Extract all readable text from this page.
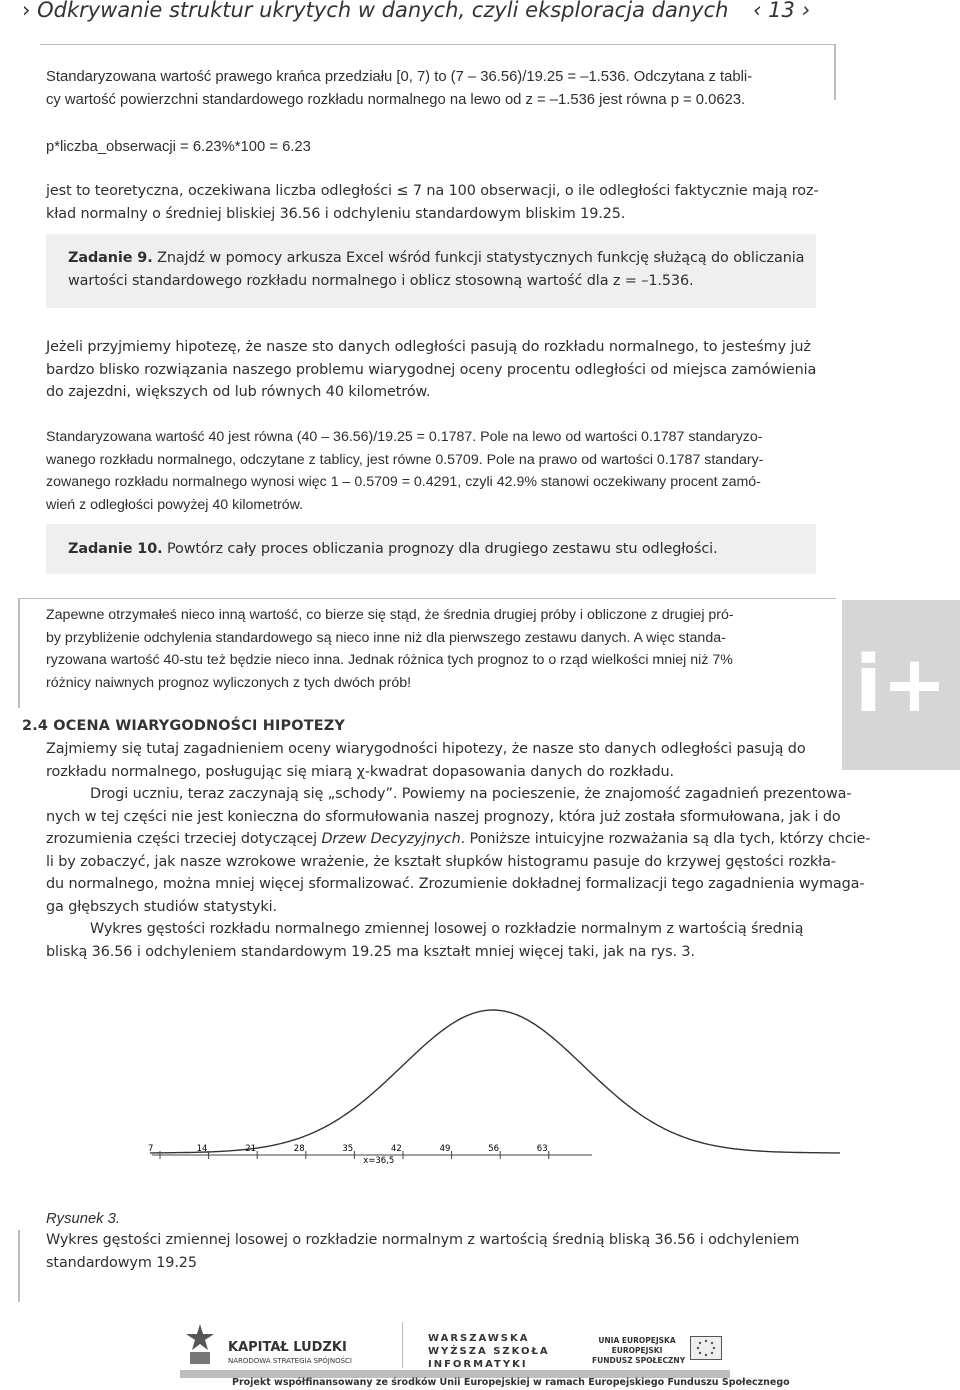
› Odkrywanie struktur ukrytych w danych, czyli eksploracja danych ‹ 13 ›
Standaryzowana wartość prawego krańca przedziału [0, 7) to (7 – 36.56)/19.25 = –1.536. Odczytana z tabli-
cy wartość powierzchni standardowego rozkładu normalnego na lewo od z = –1.536 jest równa p = 0.0623.
p*liczba_obserwacji = 6.23%*100 = 6.23
jest to teoretyczna, oczekiwana liczba odległości ≤ 7 na 100 obserwacji, o ile odległości faktycznie mają roz-
kład normalny o średniej bliskiej 36.56 i odchyleniu standardowym bliskim 19.25.
Zadanie 9. Znajdź w pomocy arkusza Excel wśród funkcji statystycznych funkcję służącą do obliczania
wartości standardowego rozkładu normalnego i oblicz stosowną wartość dla z = –1.536.
Jeżeli przyjmiemy hipotezę, że nasze sto danych odległości pasują do rozkładu normalnego, to jesteśmy już
bardzo blisko rozwiązania naszego problemu wiarygodnej oceny procentu odległości od miejsca zamówienia
do zajezdni, większych od lub równych 40 kilometrów.
Standaryzowana wartość 40 jest równa (40 – 36.56)/19.25 = 0.1787. Pole na lewo od wartości 0.1787 standaryzo-
wanego rozkładu normalnego, odczytane z tablicy, jest równe 0.5709. Pole na prawo od wartości 0.1787 standary-
zowanego rozkładu normalnego wynosi więc 1 – 0.5709 = 0.4291, czyli 42.9% stanowi oczekiwany procent zamó-
wień z odległości powyżej 40 kilometrów.
Zadanie 10. Powtórz cały proces obliczania prognozy dla drugiego zestawu stu odległości.
Zapewne otrzymałeś nieco inną wartość, co bierze się stąd, że średnia drugiej próby i obliczone z drugiej pró-
by przybliżenie odchylenia standardowego są nieco inne niż dla pierwszego zestawu danych. A więc standa-
ryzowana wartość 40-stu też będzie nieco inna. Jednak różnica tych prognoz to o rząd wielkości mniej niż 7%
różnicy naiwnych prognoz wyliczonych z tych dwóch prób!	i+
2.4 OCENA WIARYGODNOŚCI HIPOTEZY
Zajmiemy się tutaj zagadnieniem oceny wiarygodności hipotezy, że nasze sto danych odległości pasują do
rozkładu normalnego, posługując się miarą χ-kwadrat dopasowania danych do rozkładu.
Drogi uczniu, teraz zaczynają się „schody”. Powiemy na pocieszenie, że znajomość zagadnień prezentowa-
nych w tej części nie jest konieczna do sformułowania naszej prognozy, która już została sformułowana, jak i do
zrozumienia części trzeciej dotyczącej Drzew Decyzyjnych. Poniższe intuicyjne rozważania są dla tych, którzy chcie-
li by zobaczyć, jak nasze wzrokowe wrażenie, że kształt słupków histogramu pasuje do krzywej gęstości rozkła-
du normalnego, można mniej więcej sformalizować. Zrozumienie dokładnej formalizacji tego zagadnienia wymaga-
ga głębszych studiów statystyki.
Wykres gęstości rozkładu normalnego zmiennej losowej o rozkładzie normalnym z wartością średnią
bliską 36.56 i odchyleniem standardowym 19.25 ma kształt mniej więcej taki, jak na rys. 3.
7	14	21	28	35	42	49	56	63
x=36,5
Rysunek 3.
Wykres gęstości zmiennej losowej o rozkładzie normalnym z wartością średnią bliską 36.56 i odchyleniem
standardowym 19.25
KAPITAŁ LUDZKI
NARODOWA STRATEGIA SPÓJNOŚCI
WARSZAWSKA
WYŻSZA SZKOŁA
INFORMATYKI
UNIA EUROPEJSKA
EUROPEJSKI
FUNDUSZ SPOŁECZNY
Projekt współfinansowany ze środków Unii Europejskiej w ramach Europejskiego Funduszu Społecznego
